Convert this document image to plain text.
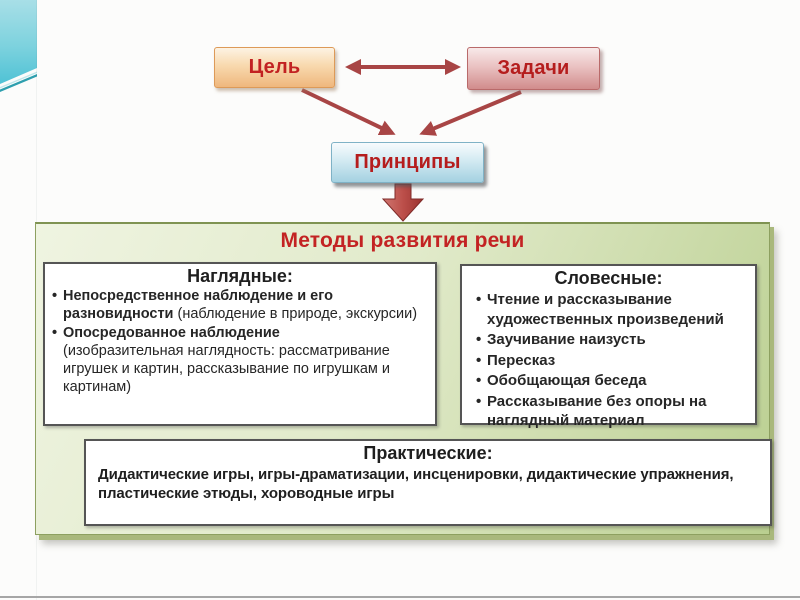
Цель	Задачи
Принципы
Методы развития речи
Наглядные:
• Непосредственное наблюдение и его разновидности (наблюдение в природе, экскурсии)
• Опосредованное наблюдение
(изобразительная наглядность: рассматривание игрушек и картин, рассказывание по игрушкам и картинам)
Словесные:
• Чтение и рассказывание художественных произведений
• Заучивание наизусть
• Пересказ
• Обобщающая беседа
• Рассказывание без опоры на наглядный материал
Практические:

Дидактические игры, игры-драматизации, инсценировки, дидактические упражнения, пластические этюды, хороводные игры
